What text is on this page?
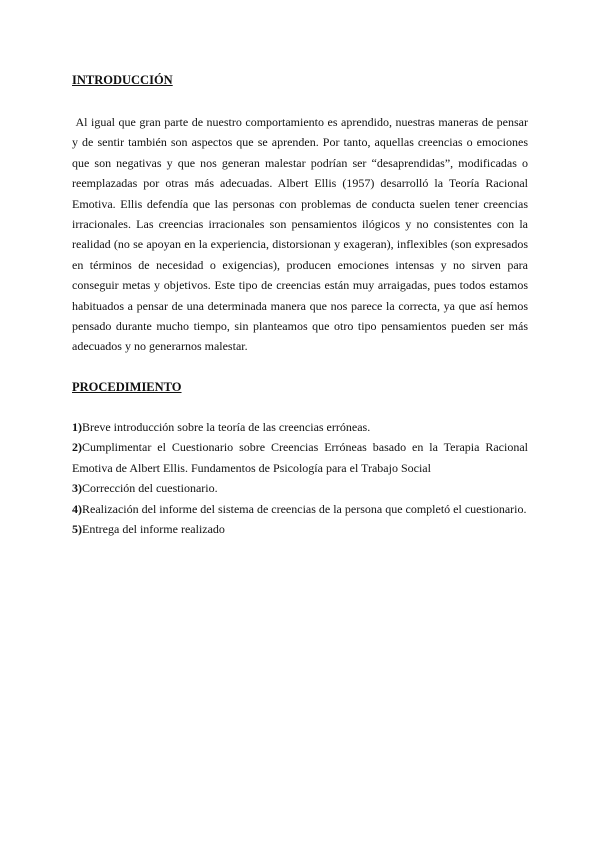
INTRODUCCIÓN

Al igual que gran parte de nuestro comportamiento es aprendido, nuestras maneras de pensar y de sentir también son aspectos que se aprenden. Por tanto, aquellas creencias o emociones que son negativas y que nos generan malestar podrían ser “desaprendidas”, modificadas o reemplazadas por otras más adecuadas. Albert Ellis (1957) desarrolló la Teoría Racional Emotiva. Ellis defendía que las personas con problemas de conducta suelen tener creencias irracionales. Las creencias irracionales son pensamientos ilógicos y no consistentes con la realidad (no se apoyan en la experiencia, distorsionan y exageran), inflexibles (son expresados en términos de necesidad o exigencias), producen emociones intensas y no sirven para conseguir metas y objetivos. Este tipo de creencias están muy arraigadas, pues todos estamos habituados a pensar de una determinada manera que nos parece la correcta, ya que así hemos pensado durante mucho tiempo, sin planteamos que otro tipo pensamientos pueden ser más adecuados y no generarnos malestar.

PROCEDIMIENTO
1)Breve introducción sobre la teoría de las creencias erróneas.
2)Cumplimentar el Cuestionario sobre Creencias Erróneas basado en la Terapia Racional Emotiva de Albert Ellis. Fundamentos de Psicología para el Trabajo Social
3)Corrección del cuestionario.
4)Realización del informe del sistema de creencias de la persona que completó el cuestionario.
5)Entrega del informe realizado
